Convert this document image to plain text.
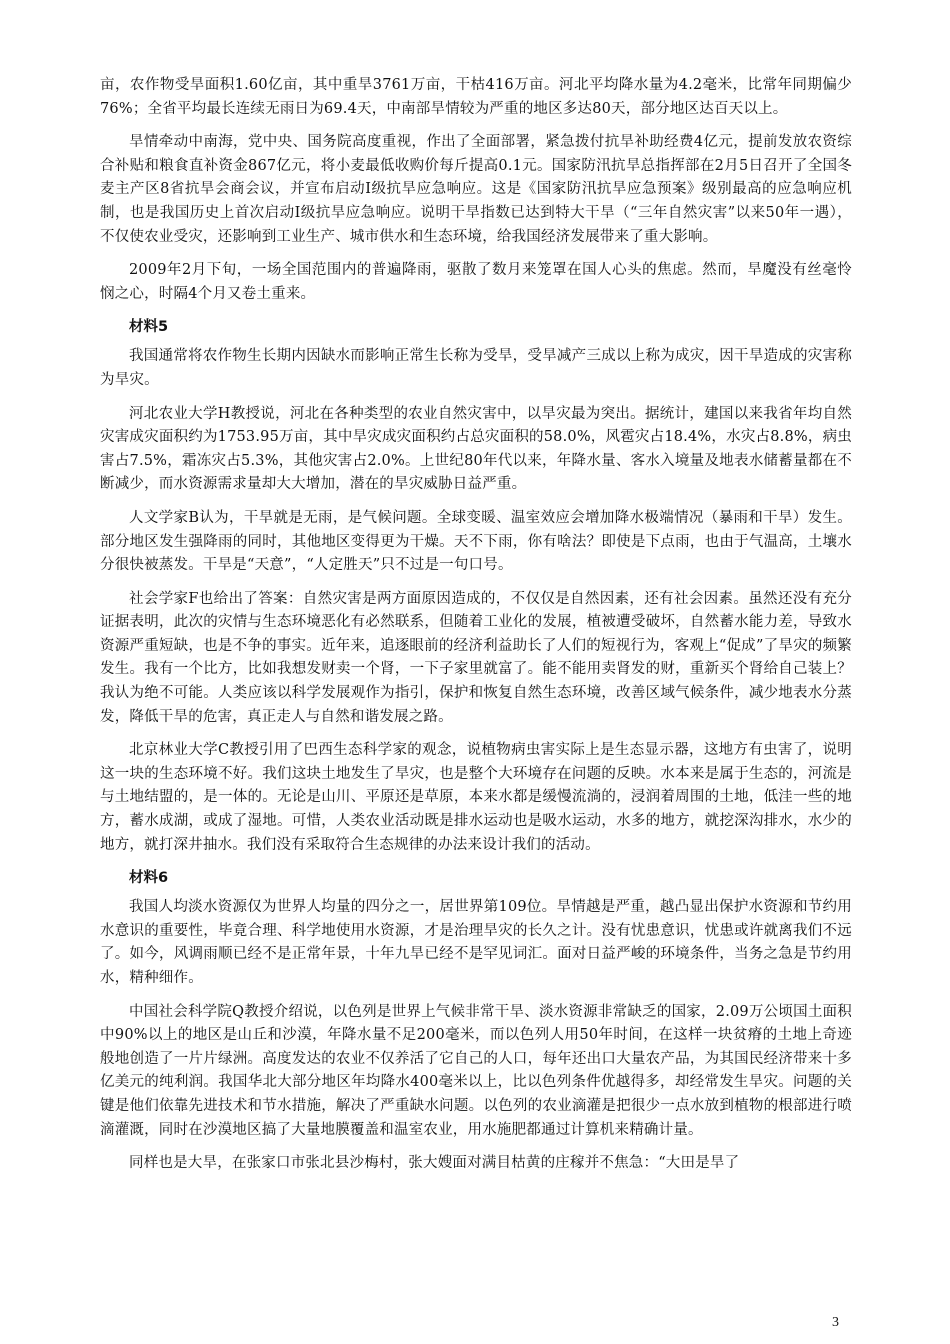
亩，农作物受旱面积1.60亿亩，其中重旱3761万亩，干枯416万亩。河北平均降水量为4.2毫米，比常年同期偏少76%；全省平均最长连续无雨日为69.4天，中南部旱情较为严重的地区多达80天，部分地区达百天以上。

旱情牵动中南海，党中央、国务院高度重视，作出了全面部署，紧急拨付抗旱补助经费4亿元，提前发放农资综合补贴和粮食直补资金867亿元，将小麦最低收购价每斤提高0.1元。国家防汛抗旱总指挥部在2月5日召开了全国冬麦主产区8省抗旱会商会议，并宣布启动Ⅰ级抗旱应急响应。这是《国家防汛抗旱应急预案》级别最高的应急响应机制，也是我国历史上首次启动Ⅰ级抗旱应急响应。说明干旱指数已达到特大干旱（“三年自然灾害”以来50年一遇），不仅使农业受灾，还影响到工业生产、城市供水和生态环境，给我国经济发展带来了重大影响。

2009年2月下旬，一场全国范围内的普遍降雨，驱散了数月来笼罩在国人心头的焦虑。然而，旱魔没有丝毫怜悯之心，时隔4个月又卷土重来。

材料5

我国通常将农作物生长期内因缺水而影响正常生长称为受旱，受旱减产三成以上称为成灾，因干旱造成的灾害称为旱灾。

河北农业大学H教授说，河北在各种类型的农业自然灾害中，以旱灾最为突出。据统计，建国以来我省年均自然灾害成灾面积约为1753.95万亩，其中旱灾成灾面积约占总灾面积的58.0%，风雹灾占18.4%，水灾占8.8%，病虫害占7.5%，霜冻灾占5.3%，其他灾害占2.0%。上世纪80年代以来，年降水量、客水入境量及地表水储蓄量都在不断减少，而水资源需求量却大大增加，潜在的旱灾威胁日益严重。

人文学家B认为，干旱就是无雨，是气候问题。全球变暖、温室效应会增加降水极端情况（暴雨和干旱）发生。部分地区发生强降雨的同时，其他地区变得更为干燥。天不下雨，你有啥法？即使是下点雨，也由于气温高，土壤水分很快被蒸发。干旱是“天意”，“人定胜天”只不过是一句口号。

社会学家F也给出了答案：自然灾害是两方面原因造成的，不仅仅是自然因素，还有社会因素。虽然还没有充分证据表明，此次的灾情与生态环境恶化有必然联系，但随着工业化的发展，植被遭受破坏，自然蓄水能力差，导致水资源严重短缺，也是不争的事实。近年来，追逐眼前的经济利益助长了人们的短视行为，客观上“促成”了旱灾的频繁发生。我有一个比方，比如我想发财卖一个肾，一下子家里就富了。能不能用卖肾发的财，重新买个肾给自己装上？我认为绝不可能。人类应该以科学发展观作为指引，保护和恢复自然生态环境，改善区域气候条件，减少地表水分蒸发，降低干旱的危害，真正走人与自然和谐发展之路。

北京林业大学C教授引用了巴西生态科学家的观念，说植物病虫害实际上是生态显示器，这地方有虫害了，说明这一块的生态环境不好。我们这块土地发生了旱灾，也是整个大环境存在问题的反映。水本来是属于生态的，河流是与土地结盟的，是一体的。无论是山川、平原还是草原，本来水都是缓慢流淌的，浸润着周围的土地，低洼一些的地方，蓄水成湖，或成了湿地。可惜，人类农业活动既是排水运动也是吸水运动，水多的地方，就挖深沟排水，水少的地方，就打深井抽水。我们没有采取符合生态规律的办法来设计我们的活动。

材料6

我国人均淡水资源仅为世界人均量的四分之一，居世界第109位。旱情越是严重，越凸显出保护水资源和节约用水意识的重要性，毕竟合理、科学地使用水资源，才是治理旱灾的长久之计。没有忧患意识，忧患或许就离我们不远了。如今，风调雨顺已经不是正常年景，十年九旱已经不是罕见词汇。面对日益严峻的环境条件，当务之急是节约用水，精种细作。

中国社会科学院Q教授介绍说，以色列是世界上气候非常干旱、淡水资源非常缺乏的国家，2.09万公顷国土面积中90%以上的地区是山丘和沙漠，年降水量不足200毫米，而以色列人用50年时间，在这样一块贫瘠的土地上奇迹般地创造了一片片绿洲。高度发达的农业不仅养活了它自己的人口，每年还出口大量农产品，为其国民经济带来十多亿美元的纯利润。我国华北大部分地区年均降水400毫米以上，比以色列条件优越得多，却经常发生旱灾。问题的关键是他们依靠先进技术和节水措施，解决了严重缺水问题。以色列的农业滴灌是把很少一点水放到植物的根部进行喷滴灌溉，同时在沙漠地区搞了大量地膜覆盖和温室农业，用水施肥都通过计算机来精确计量。

同样也是大旱，在张家口市张北县沙梅村，张大嫂面对满目枯黄的庄稼并不焦急：“大田是旱了

3
